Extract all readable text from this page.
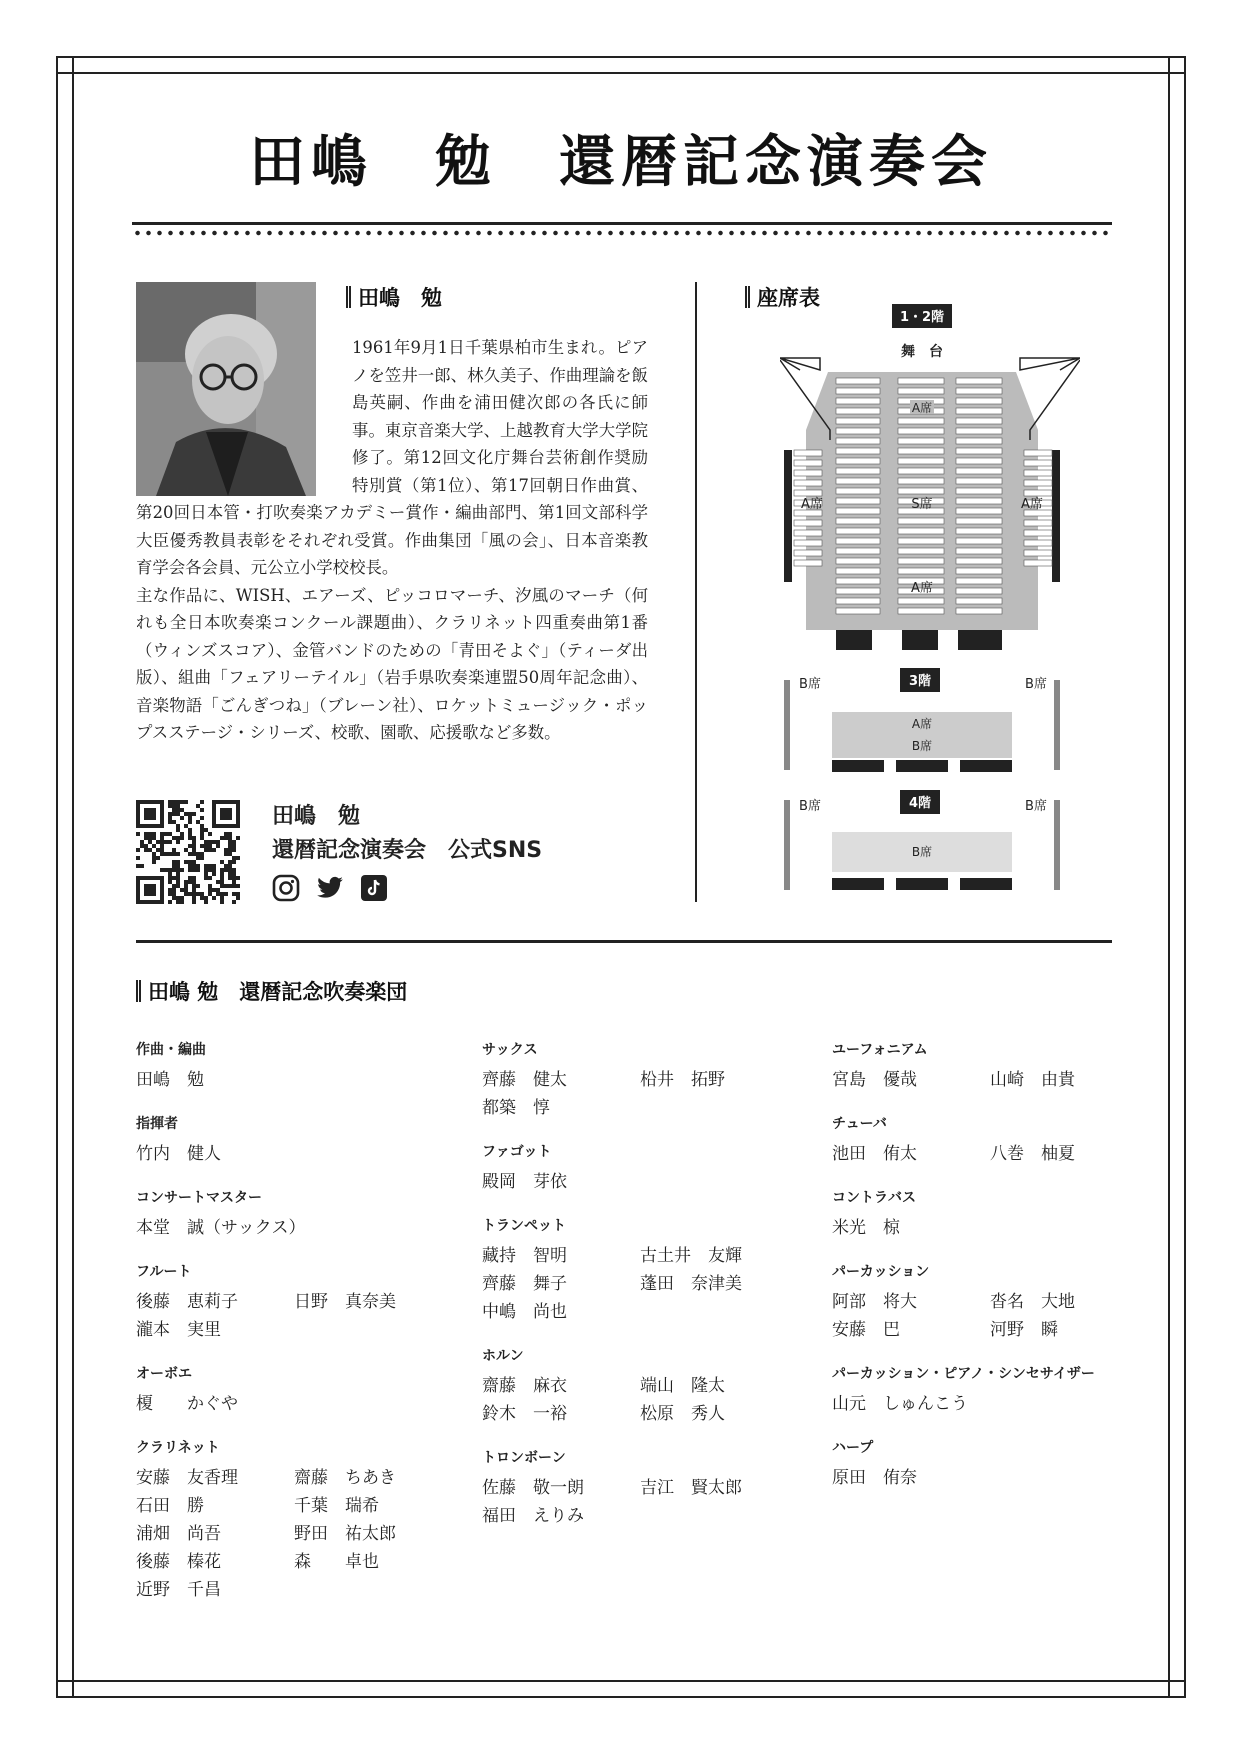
田嶋　勉　還暦記念演奏会
田嶋　勉
1961年9月1日千葉県柏市生まれ。ピアノを笠井一郎、林久美子、作曲理論を飯島英嗣、作曲を浦田健次郎の各氏に師事。東京音楽大学、上越教育大学大学院修了。第12回文化庁舞台芸術創作奨励特別賞（第1位）、第17回朝日作曲賞、第20回日本管・打吹奏楽アカデミー賞作・編曲部門、第1回文部科学大臣優秀教員表彰をそれぞれ受賞。作曲集団「風の会」、日本音楽教育学会各会員、元公立小学校校長。
主な作品に、WISH、エアーズ、ピッコロマーチ、汐風のマーチ（何れも全日本吹奏楽コンクール課題曲）、クラリネット四重奏曲第1番（ウィンズスコア）、金管バンドのための「青田そよぐ」（ティーダ出版）、組曲「フェアリーテイル」（岩手県吹奏楽連盟50周年記念曲）、音楽物語「ごんぎつね」（ブレーン社）、ロケットミュージック・ポップスステージ・シリーズ、校歌、園歌、応援歌など多数。
田嶋　勉
還暦記念演奏会　公式SNS
座席表
1・2階
舞　台
A席
S席
A席	A席
A席
3階
B席	B席
A席
B席
4階
B席	B席
B席
田嶋 勉　還暦記念吹奏楽団
作曲・編曲
田嶋　勉
指揮者
竹内　健人
コンサートマスター
本堂　誠（サックス）
フルート
後藤　恵莉子	日野　真奈美
瀧本　実里
オーボエ
榎　　かぐや
クラリネット
安藤　友香理	齋藤　ちあき
石田　勝	千葉　瑞希
浦畑　尚吾	野田　祐太郎
後藤　榛花	森　　卓也
近野　千昌
サックス
齊藤　健太	柗井　拓野
都築　惇
ファゴット
殿岡　芽依
トランペット
藏持　智明	古土井　友輝
齊藤　舞子	蓬田　奈津美
中嶋　尚也
ホルン
齋藤　麻衣	端山　隆太
鈴木　一裕	松原　秀人
トロンボーン
佐藤　敬一朗	吉江　賢太郎
福田　えりみ
ユーフォニアム
宮島　優哉	山崎　由貴
チューバ
池田　侑太	八巻　柚夏
コントラバス
米光　椋
パーカッション
阿部　将大	沓名　大地
安藤　巴	河野　瞬
パーカッション・ピアノ・シンセサイザー
山元　しゅんこう
ハープ
原田　侑奈
